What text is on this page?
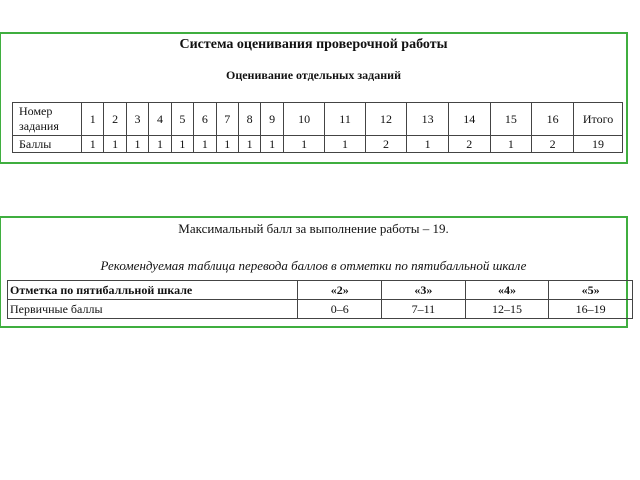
Система оценивания проверочной работы
Оценивание отдельных заданий
Номер задания	1	2	3	4	5	6	7	8	9	10	11	12	13	14	15	16	Итого
Баллы	1	1	1	1	1	1	1	1	1	1	1	2	1	2	1	2	19
Максимальный балл за выполнение работы – 19.
Рекомендуемая таблица перевода баллов в отметки по пятибалльной шкале
Отметка по пятибалльной шкале	«2»	«3»	«4»	«5»
Первичные баллы	0–6	7–11	12–15	16–19
